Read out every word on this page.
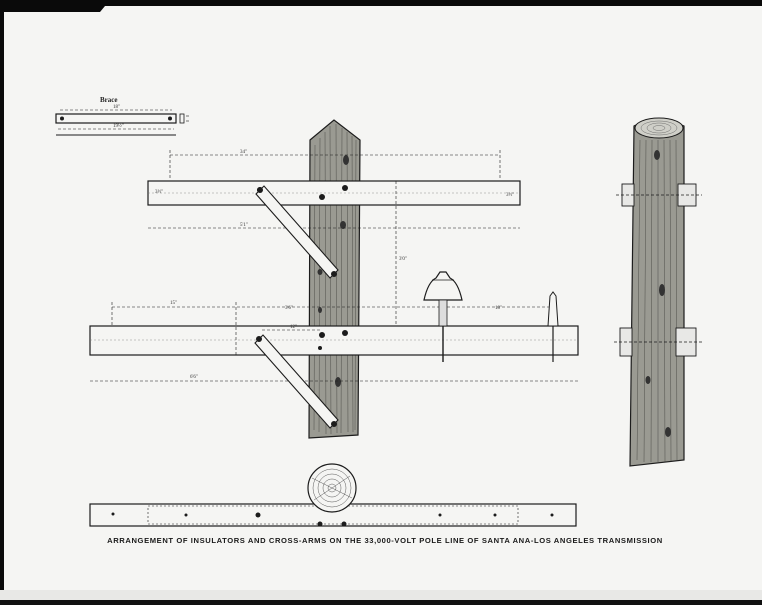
18"
19½"
34"
3½"
3½"
5'1"
3'0"
15"
3'6"	18"
6'6"
12"
Brace
ARRANGEMENT OF INSULATORS AND CROSS-ARMS ON THE 33,000-VOLT POLE LINE OF SANTA ANA-LOS ANGELES TRANSMISSION
